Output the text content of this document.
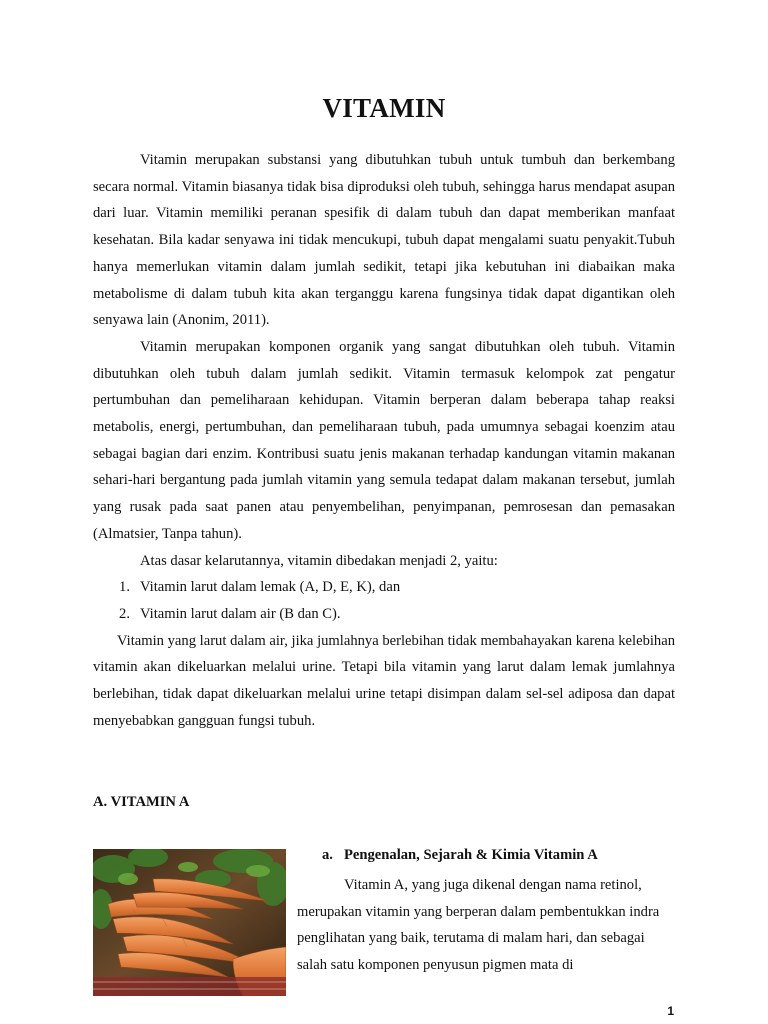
VITAMIN

Vitamin merupakan substansi yang dibutuhkan tubuh untuk tumbuh dan berkembang secara normal. Vitamin biasanya tidak bisa diproduksi oleh tubuh, sehingga harus mendapat asupan dari luar. Vitamin memiliki peranan spesifik di dalam tubuh dan dapat memberikan manfaat kesehatan. Bila kadar senyawa ini tidak mencukupi, tubuh dapat mengalami suatu penyakit.Tubuh hanya memerlukan vitamin dalam jumlah sedikit, tetapi jika kebutuhan ini diabaikan maka metabolisme di dalam tubuh kita akan terganggu karena fungsinya tidak dapat digantikan oleh senyawa lain (Anonim, 2011).

Vitamin merupakan komponen organik yang sangat dibutuhkan oleh tubuh. Vitamin dibutuhkan oleh tubuh dalam jumlah sedikit. Vitamin termasuk kelompok zat pengatur pertumbuhan dan pemeliharaan kehidupan. Vitamin berperan dalam beberapa tahap reaksi metabolis, energi, pertumbuhan, dan pemeliharaan tubuh, pada umumnya sebagai koenzim atau sebagai bagian dari enzim. Kontribusi suatu jenis makanan terhadap kandungan vitamin makanan sehari-hari bergantung pada jumlah vitamin yang semula tedapat dalam makanan tersebut, jumlah yang rusak pada saat panen atau penyembelihan, penyimpanan, pemrosesan dan pemasakan (Almatsier, Tanpa tahun).

Atas dasar kelarutannya, vitamin dibedakan menjadi 2, yaitu:

1. Vitamin larut dalam lemak (A, D, E, K), dan
2. Vitamin larut dalam air (B dan C).

Vitamin yang larut dalam air, jika jumlahnya berlebihan tidak membahayakan karena kelebihan vitamin akan dikeluarkan melalui urine. Tetapi bila vitamin yang larut dalam lemak jumlahnya berlebihan, tidak dapat dikeluarkan melalui urine tetapi disimpan dalam sel-sel adiposa dan dapat menyebabkan gangguan fungsi tubuh.

A. VITAMIN A
a. Pengenalan, Sejarah & Kimia Vitamin A

Vitamin A, yang juga dikenal dengan nama retinol, merupakan vitamin yang berperan dalam pembentukkan indra penglihatan yang baik, terutama di malam hari, dan sebagai salah satu komponen penyusun pigmen mata di

1
